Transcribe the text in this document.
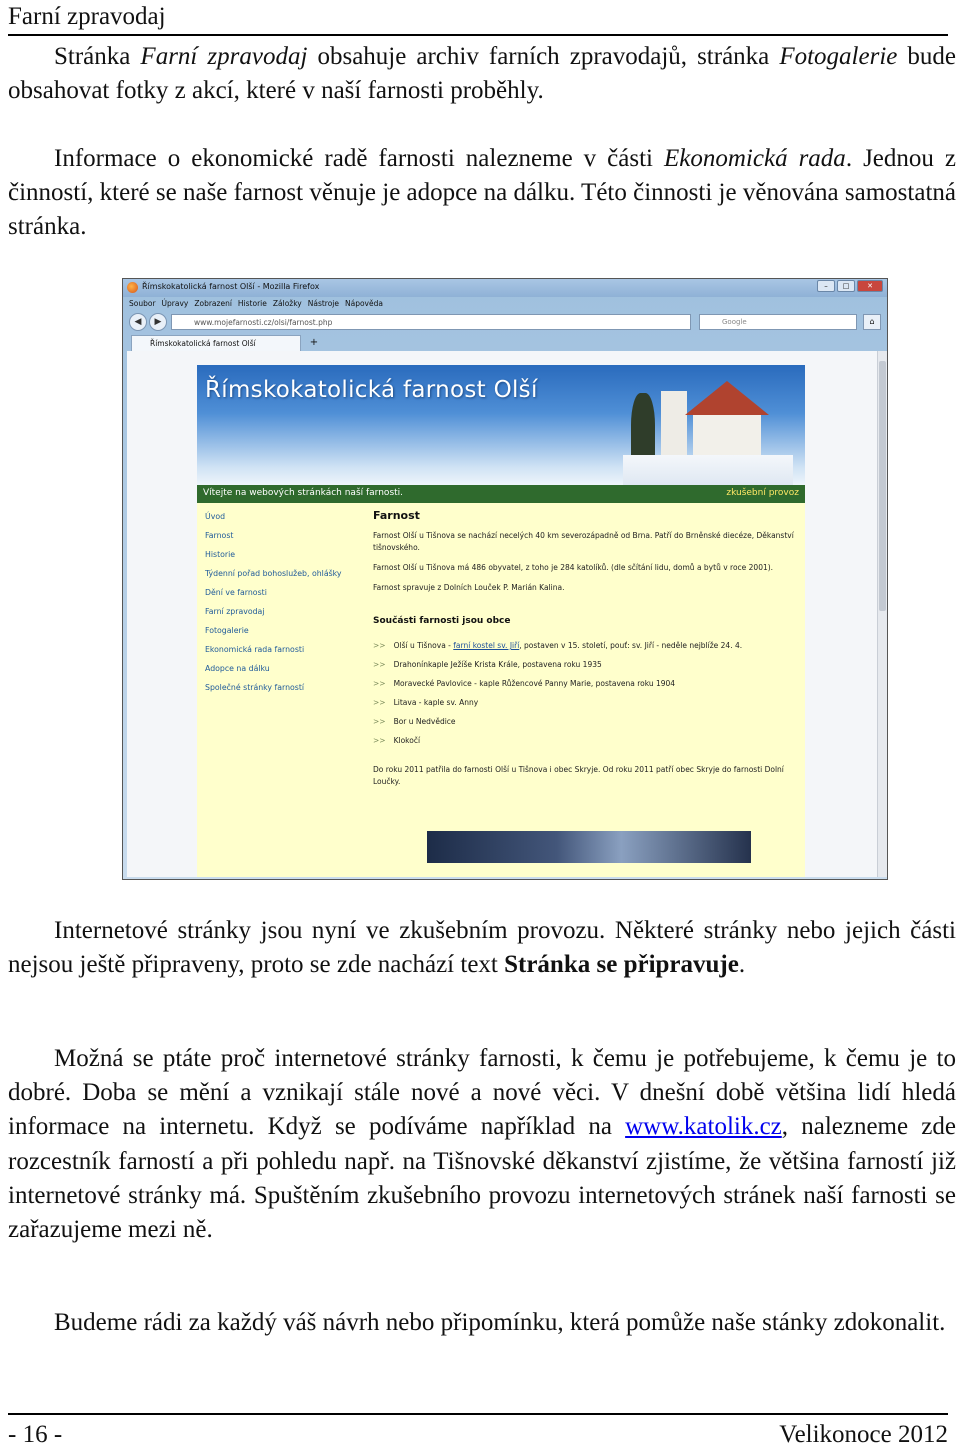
Farní zpravodaj

Stránka Farní zpravodaj obsahuje archiv farních zpravodajů, stránka Fotogalerie bude obsahovat fotky z akcí, které v naší farnosti proběhly.

Informace o ekonomické radě farnosti nalezneme v části Ekonomická rada. Jednou z činností, které se naše farnost věnuje je adopce na dálku. Této činnosti je věnována samostatná stránka.

Římskokatolická farnost Olší - Mozilla Firefox	–	□	✕
Soubor Úpravy Zobrazení Historie Záložky Nástroje Nápověda
◀	▶	www.mojefarnosti.cz/olsi/farnost.php	Google	⌂
Římskokatolická farnost Olší	+
Římskokatolická farnost Olší
Vítejte na webových stránkách naší farnosti.	zkušební provoz
Úvod
Farnost
Historie
Týdenní pořad bohoslužeb, ohlášky
Dění ve farnosti
Farní zpravodaj
Fotogalerie
Ekonomická rada farnosti
Adopce na dálku
Společné stránky farností
Farnost
Farnost Olší u Tišnova se nachází necelých 40 km severozápadně od Brna. Patří do Brněnské diecéze, Děkanství tišnovského.
Farnost Olší u Tišnova má 486 obyvatel, z toho je 284 katolíků. (dle sčítání lidu, domů a bytů v roce 2001).
Farnost spravuje z Dolních Louček P. Marián Kalina.
Součásti farnosti jsou obce
>> Olší u Tišnova - farní kostel sv. Jiří, postaven v 15. století, pouť: sv. Jiří - neděle nejblíže 24. 4.
>> Drahonínkaple Ježíše Krista Krále, postavena roku 1935
>> Moravecké Pavlovice - kaple Růžencové Panny Marie, postavena roku 1904
>> Litava - kaple sv. Anny
>> Bor u Nedvědice
>> Klokočí
Do roku 2011 patřila do farnosti Olší u Tišnova i obec Skryje. Od roku 2011 patří obec Skryje do farnosti Dolní Loučky.

Internetové stránky jsou nyní ve zkušebním provozu. Některé stránky nebo jejich části nejsou ještě připraveny, proto se zde nachází text Stránka se připravuje.

Možná se ptáte proč internetové stránky farnosti, k čemu je potřebujeme, k čemu je to dobré. Doba se mění a vznikají stále nové a nové věci. V dnešní době většina lidí hledá informace na internetu. Když se podíváme například na www.katolik.cz, nalezneme zde rozcestník farností a při pohledu např. na Tišnovské děkanství zjistíme, že většina farností již internetové stránky má. Spuštěním zkušebního provozu internetových stránek naší farnosti se zařazujeme mezi ně.

Budeme rádi za každý váš návrh nebo připomínku, která pomůže naše stánky zdokonalit.

- 16 -	Velikonoce 2012
